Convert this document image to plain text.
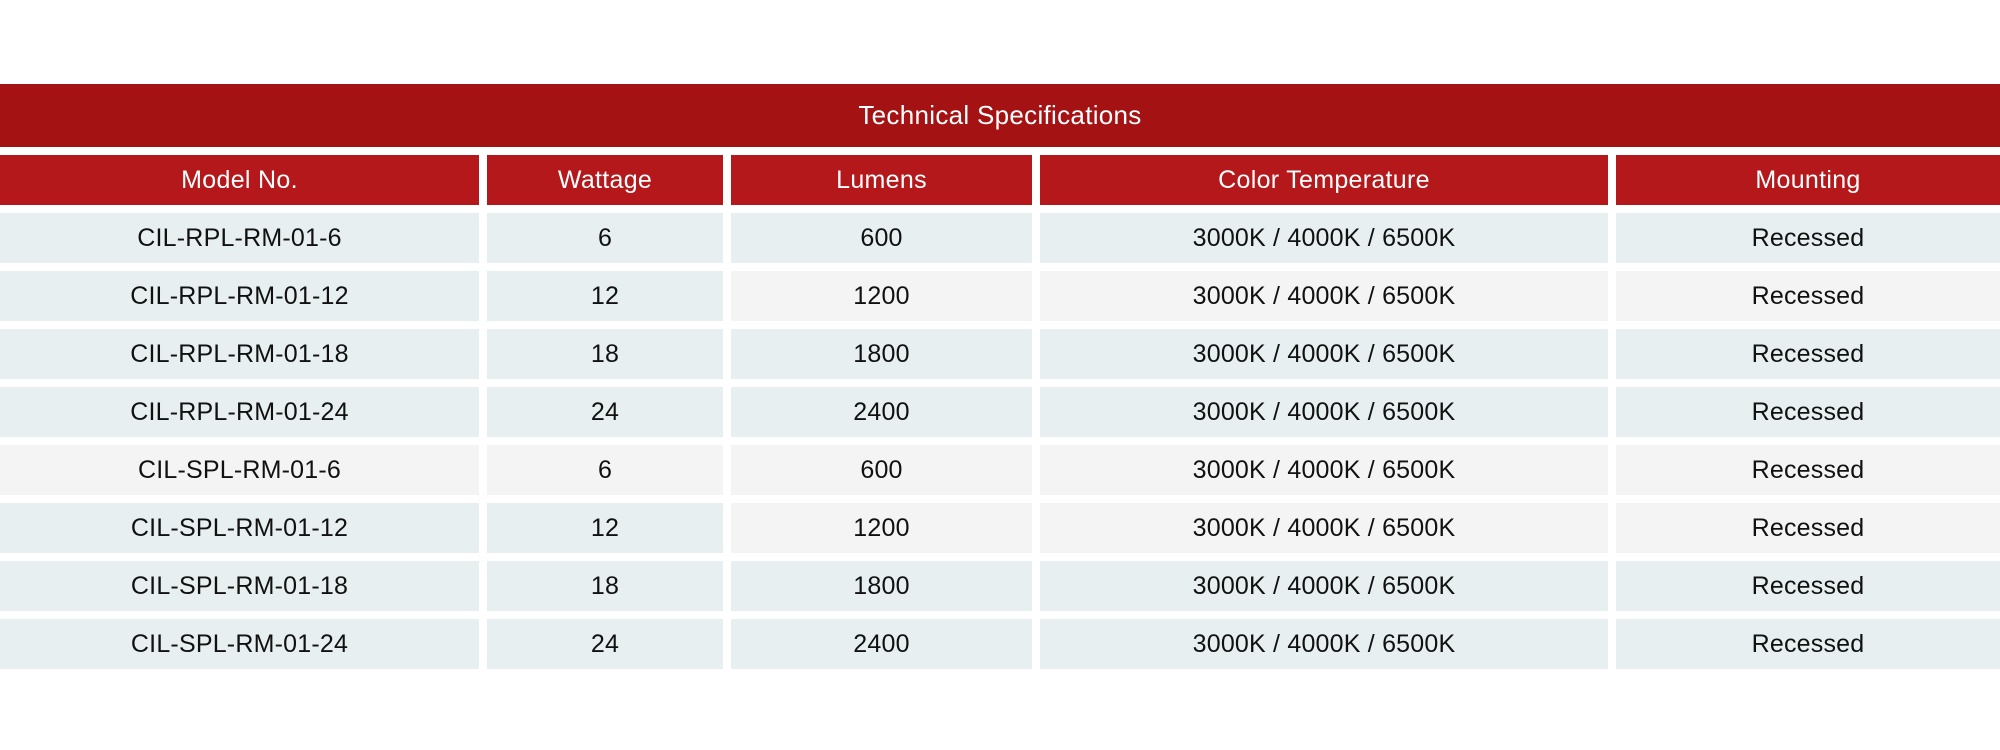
Technical Specifications
Model No.	Wattage	Lumens	Color Temperature	Mounting
CIL-RPL-RM-01-6	6	600	3000K / 4000K / 6500K	Recessed
CIL-RPL-RM-01-12	12	1200	3000K / 4000K / 6500K	Recessed
CIL-RPL-RM-01-18	18	1800	3000K / 4000K / 6500K	Recessed
CIL-RPL-RM-01-24	24	2400	3000K / 4000K / 6500K	Recessed
CIL-SPL-RM-01-6	6	600	3000K / 4000K / 6500K	Recessed
CIL-SPL-RM-01-12	12	1200	3000K / 4000K / 6500K	Recessed
CIL-SPL-RM-01-18	18	1800	3000K / 4000K / 6500K	Recessed
CIL-SPL-RM-01-24	24	2400	3000K / 4000K / 6500K	Recessed
